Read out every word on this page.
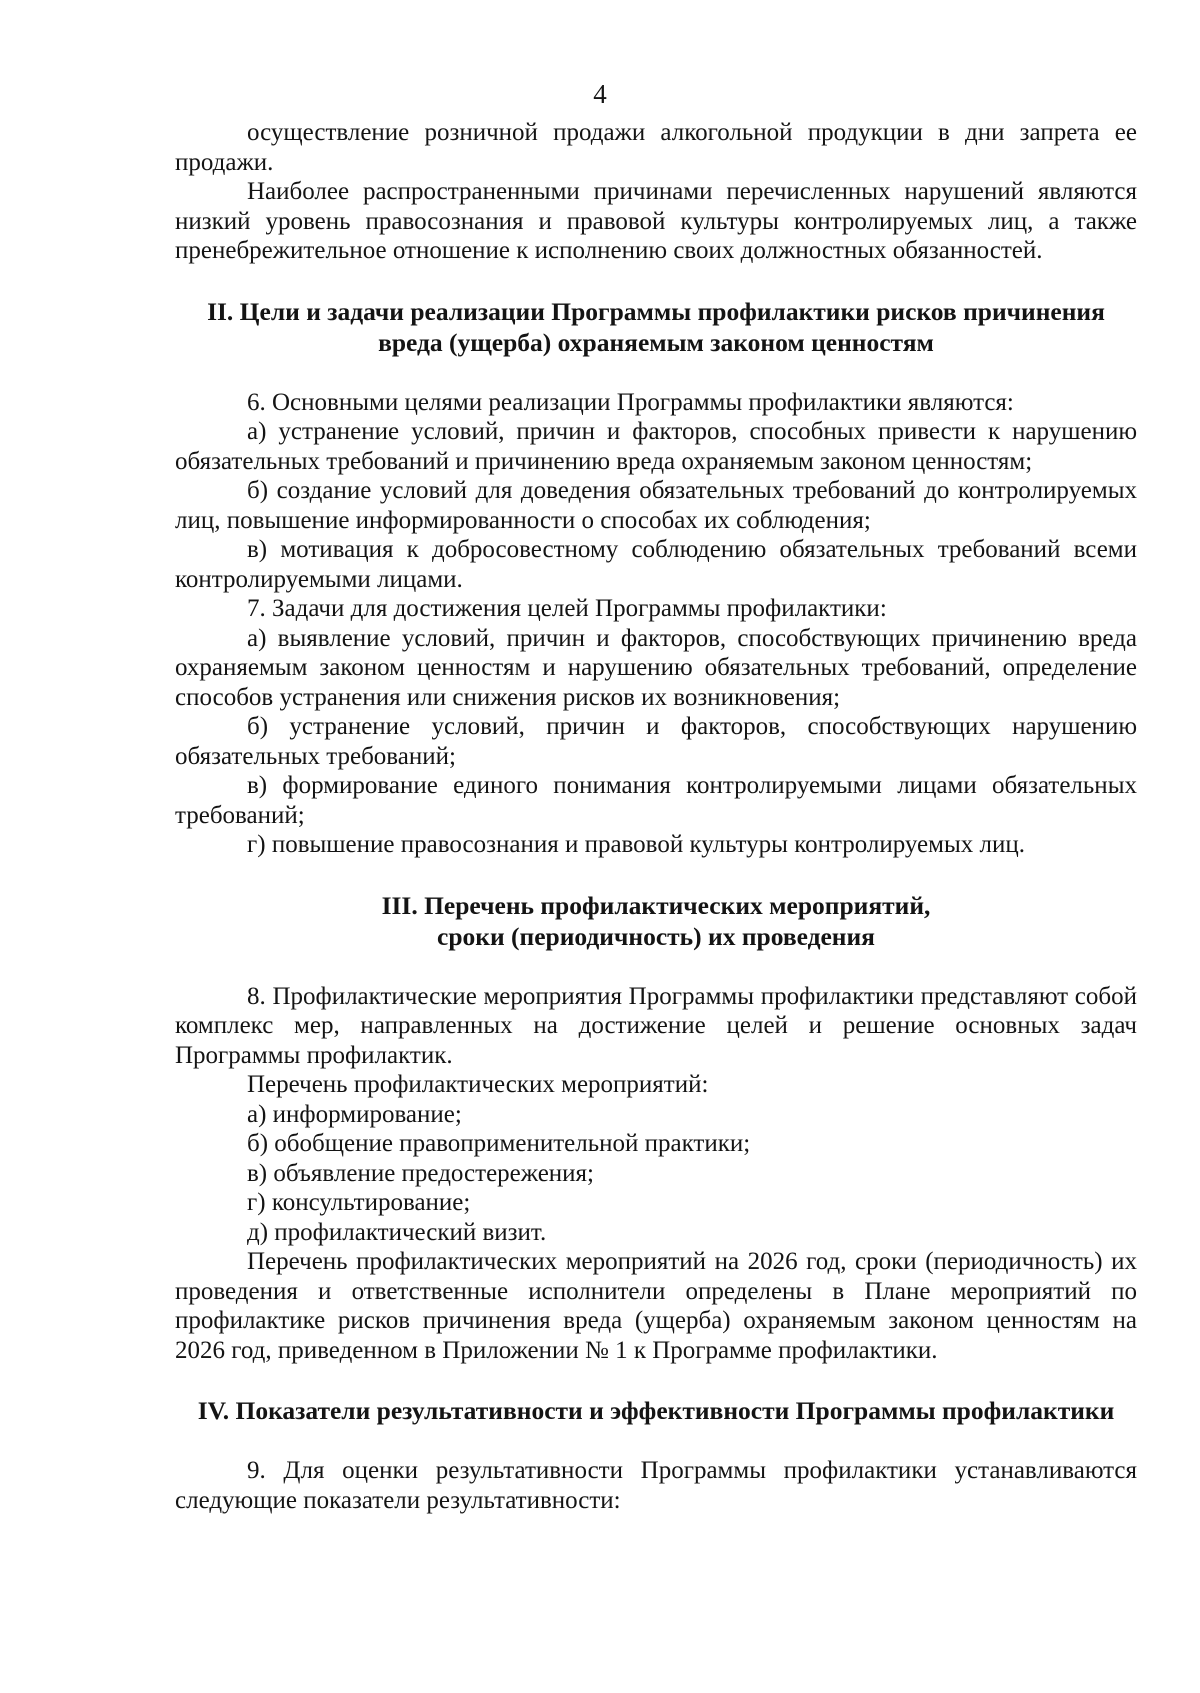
4

осуществление розничной продажи алкогольной продукции в дни запрета ее продажи.

Наиболее распространенными причинами перечисленных нарушений являются низкий уровень правосознания и правовой культуры контролируемых лиц, а также пренебрежительное отношение к исполнению своих должностных обязанностей.

II. Цели и задачи реализации Программы профилактики рисков причинения
вреда (ущерба) охраняемым законом ценностям

6. Основными целями реализации Программы профилактики являются:

а) устранение условий, причин и факторов, способных привести к нарушению обязательных требований и причинению вреда охраняемым законом ценностям;

б) создание условий для доведения обязательных требований до контролируемых лиц, повышение информированности о способах их соблюдения;

в) мотивация к добросовестному соблюдению обязательных требований всеми контролируемыми лицами.

7. Задачи для достижения целей Программы профилактики:

а) выявление условий, причин и факторов, способствующих причинению вреда охраняемым законом ценностям и нарушению обязательных требований, определение способов устранения или снижения рисков их возникновения;

б) устранение условий, причин и факторов, способствующих нарушению обязательных требований;

в) формирование единого понимания контролируемыми лицами обязательных требований;

г) повышение правосознания и правовой культуры контролируемых лиц.

III. Перечень профилактических мероприятий,
сроки (периодичность) их проведения

8. Профилактические мероприятия Программы профилактики представляют собой комплекс мер, направленных на достижение целей и решение основных задач Программы профилактик.

Перечень профилактических мероприятий:

а) информирование;

б) обобщение правоприменительной практики;

в) объявление предостережения;

г) консультирование;

д) профилактический визит.

Перечень профилактических мероприятий на 2026 год, сроки (периодичность) их проведения и ответственные исполнители определены в Плане мероприятий по профилактике рисков причинения вреда (ущерба) охраняемым законом ценностям на 2026 год, приведенном в Приложении № 1 к Программе профилактики.

IV. Показатели результативности и эффективности Программы профилактики

9. Для оценки результативности Программы профилактики устанавливаются следующие показатели результативности:
